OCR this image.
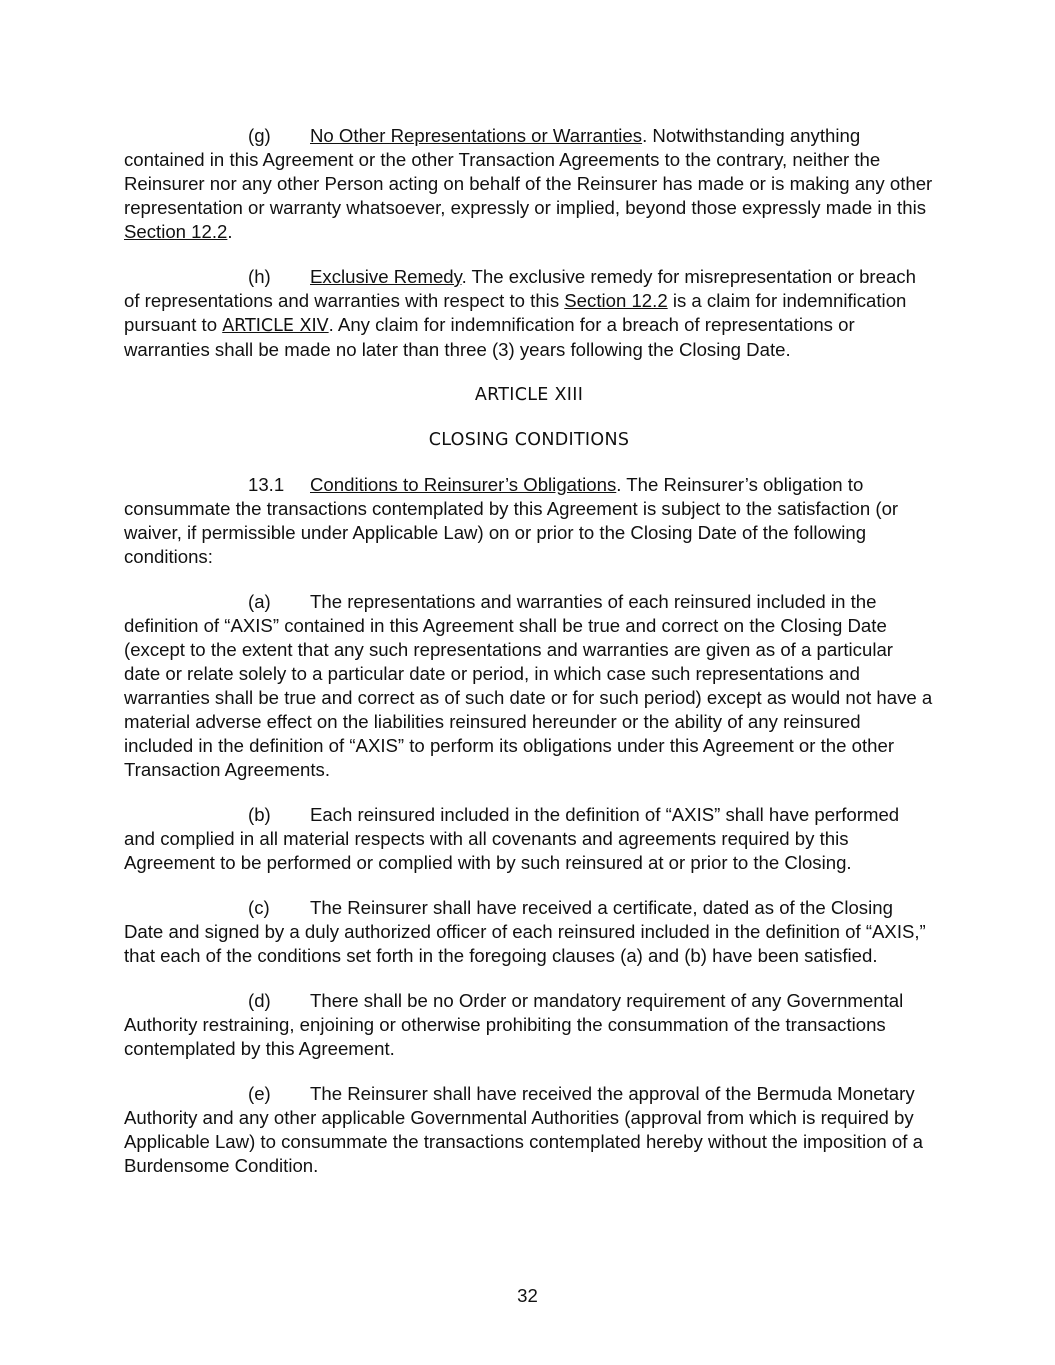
(g) No Other Representations or Warranties. Notwithstanding anything contained in this Agreement or the other Transaction Agreements to the contrary, neither the Reinsurer nor any other Person acting on behalf of the Reinsurer has made or is making any other representation or warranty whatsoever, expressly or implied, beyond those expressly made in this Section 12.2.

(h) Exclusive Remedy. The exclusive remedy for misrepresentation or breach of representations and warranties with respect to this Section 12.2 is a claim for indemnification pursuant to ARTICLE XIV. Any claim for indemnification for a breach of representations or warranties shall be made no later than three (3) years following the Closing Date.

ARTICLE XIII
CLOSING CONDITIONS

13.1 Conditions to Reinsurer’s Obligations. The Reinsurer’s obligation to consummate the transactions contemplated by this Agreement is subject to the satisfaction (or waiver, if permissible under Applicable Law) on or prior to the Closing Date of the following conditions:

(a) The representations and warranties of each reinsured included in the definition of “AXIS” contained in this Agreement shall be true and correct on the Closing Date (except to the extent that any such representations and warranties are given as of a particular date or relate solely to a particular date or period, in which case such representations and warranties shall be true and correct as of such date or for such period) except as would not have a material adverse effect on the liabilities reinsured hereunder or the ability of any reinsured included in the definition of “AXIS” to perform its obligations under this Agreement or the other Transaction Agreements.

(b) Each reinsured included in the definition of “AXIS” shall have performed and complied in all material respects with all covenants and agreements required by this Agreement to be performed or complied with by such reinsured at or prior to the Closing.

(c) The Reinsurer shall have received a certificate, dated as of the Closing Date and signed by a duly authorized officer of each reinsured included in the definition of “AXIS,” that each of the conditions set forth in the foregoing clauses (a) and (b) have been satisfied.

(d) There shall be no Order or mandatory requirement of any Governmental Authority restraining, enjoining or otherwise prohibiting the consummation of the transactions contemplated by this Agreement.

(e) The Reinsurer shall have received the approval of the Bermuda Monetary Authority and any other applicable Governmental Authorities (approval from which is required by Applicable Law) to consummate the transactions contemplated hereby without the imposition of a Burdensome Condition.

32
